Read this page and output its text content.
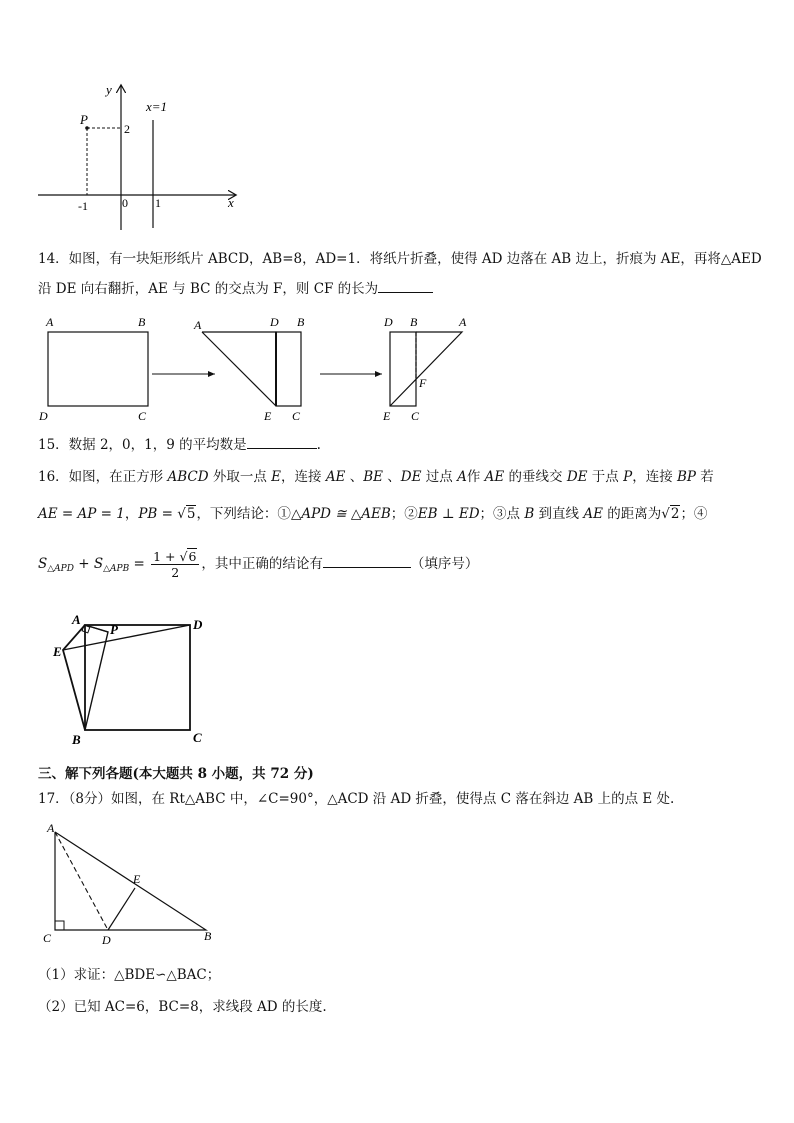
y
x
x=1
P
2
-1	0 1
14．如图，有一块矩形纸片 ABCD，AB=8，AD=1．将纸片折叠，使得 AD 边落在 AB 边上，折痕为 AE，再将△AED
沿 DE 向右翻折，AE 与 BC 的交点为 F，则 CF 的长为
A	B
D	C
A	D B
E C
D B	A
F
E C
15．数据 2，0，1，9 的平均数是	.
16．如图，在正方形 ABCD 外取一点 E，连接 AE 、BE 、DE 过点 A作 AE 的垂线交 DE 于点 P，连接 BP 若
AE = AP = 1，PB = √5，下列结论：①△APD ≅ △AEB；②EB ⊥ ED；③点 B 到直线 AE 的距离为√2；④
$S_{\triangle APD} + S_{\triangle APB} = \frac{1 + √6}{2}$ ，其中正确的结论有	（填序号）
A
P	D
E
B	C
三、解下列各题(本大题共 8 小题，共 72 分)
17．（8分）如图，在 Rt△ABC 中，∠C=90°，△ACD 沿 AD 折叠，使得点 C 落在斜边 AB 上的点 E 处.
A
E
C	D	B
（1）求证：△BDE∽△BAC；
（2）已知 AC=6，BC=8，求线段 AD 的长度.
